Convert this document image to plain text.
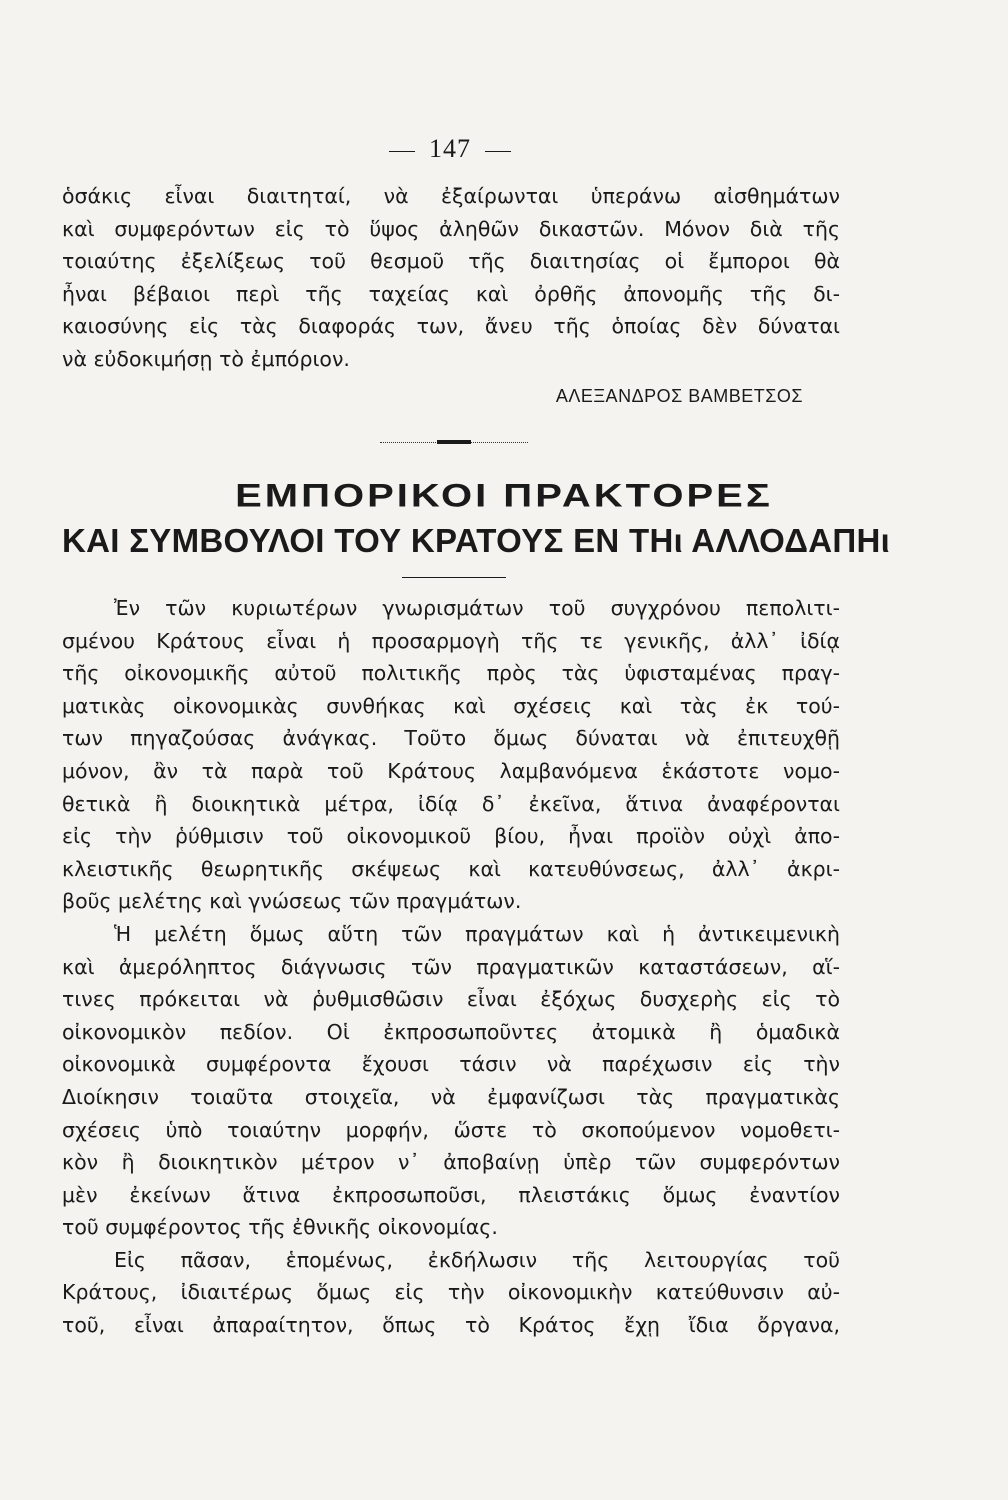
147
ὁσάκις εἶναι διαιτηταί, νὰ ἐξαίρωνται ὑπεράνω αἰσθημάτων
καὶ συμφερόντων εἰς τὸ ὕψος ἀληθῶν δικαστῶν. Μόνον διὰ τῆς
τοιαύτης ἐξελίξεως τοῦ θεσμοῦ τῆς διαιτησίας οἱ ἔμποροι θὰ
ἦναι βέβαιοι περὶ τῆς ταχείας καὶ ὀρθῆς ἀπονομῆς τῆς δι-
καιοσύνης εἰς τὰς διαφοράς των, ἄνευ τῆς ὁποίας δὲν δύναται
νὰ εὐδοκιμήσῃ τὸ ἐμπόριον.
ΑΛΕΞΑΝΔΡΟΣ ΒΑΜΒΕΤΣΟΣ
ΕΜΠΟΡΙΚΟΙ ΠΡΑΚΤΟΡΕΣ
ΚΑΙ ΣΥΜΒΟΥΛΟΙ ΤΟΥ ΚΡΑΤΟΥΣ ΕΝ ΤΗι ΑΛΛΟΔΑΠΗι
Ἐν τῶν κυριωτέρων γνωρισμάτων τοῦ συγχρόνου πεπολιτι-
σμένου Κράτους εἶναι ἡ προσαρμογὴ τῆς τε γενικῆς, ἀλλ᾽ ἰδίᾳ
τῆς οἰκονομικῆς αὐτοῦ πολιτικῆς πρὸς τὰς ὑφισταμένας πραγ-
ματικὰς οἰκονομικὰς συνθήκας καὶ σχέσεις καὶ τὰς ἐκ τού-
των πηγαζούσας ἀνάγκας. Τοῦτο ὅμως δύναται νὰ ἐπιτευχθῇ
μόνον, ἂν τὰ παρὰ τοῦ Κράτους λαμβανόμενα ἑκάστοτε νομο-
θετικὰ ἢ διοικητικὰ μέτρα, ἰδίᾳ δ᾽ ἐκεῖνα, ἅτινα ἀναφέρονται
εἰς τὴν ῥύθμισιν τοῦ οἰκονομικοῦ βίου, ἦναι προϊὸν οὐχὶ ἀπο-
κλειστικῆς θεωρητικῆς σκέψεως καὶ κατευθύνσεως, ἀλλ᾽ ἀκρι-
βοῦς μελέτης καὶ γνώσεως τῶν πραγμάτων.
Ἡ μελέτη ὅμως αὕτη τῶν πραγμάτων καὶ ἡ ἀντικειμενικὴ
καὶ ἀμερόληπτος διάγνωσις τῶν πραγματικῶν καταστάσεων, αἵ-
τινες πρόκειται νὰ ῥυθμισθῶσιν εἶναι ἐξόχως δυσχερὴς εἰς τὸ
οἰκονομικὸν πεδίον. Οἱ ἐκπροσωποῦντες ἀτομικὰ ἢ ὁμαδικὰ
οἰκονομικὰ συμφέροντα ἔχουσι τάσιν νὰ παρέχωσιν εἰς τὴν
Διοίκησιν τοιαῦτα στοιχεῖα, νὰ ἐμφανίζωσι τὰς πραγματικὰς
σχέσεις ὑπὸ τοιαύτην μορφήν, ὥστε τὸ σκοπούμενον νομοθετι-
κὸν ἢ διοικητικὸν μέτρον ν᾽ ἀποβαίνῃ ὑπὲρ τῶν συμφερόντων
μὲν ἐκείνων ἅτινα ἐκπροσωποῦσι, πλειστάκις ὅμως ἐναντίον
τοῦ συμφέροντος τῆς ἐθνικῆς οἰκονομίας.
Εἰς πᾶσαν, ἑπομένως, ἐκδήλωσιν τῆς λειτουργίας τοῦ
Κράτους, ἰδιαιτέρως ὅμως εἰς τὴν οἰκονομικὴν κατεύθυνσιν αὐ-
τοῦ, εἶναι ἀπαραίτητον, ὅπως τὸ Κράτος ἔχῃ ἴδια ὄργανα,
